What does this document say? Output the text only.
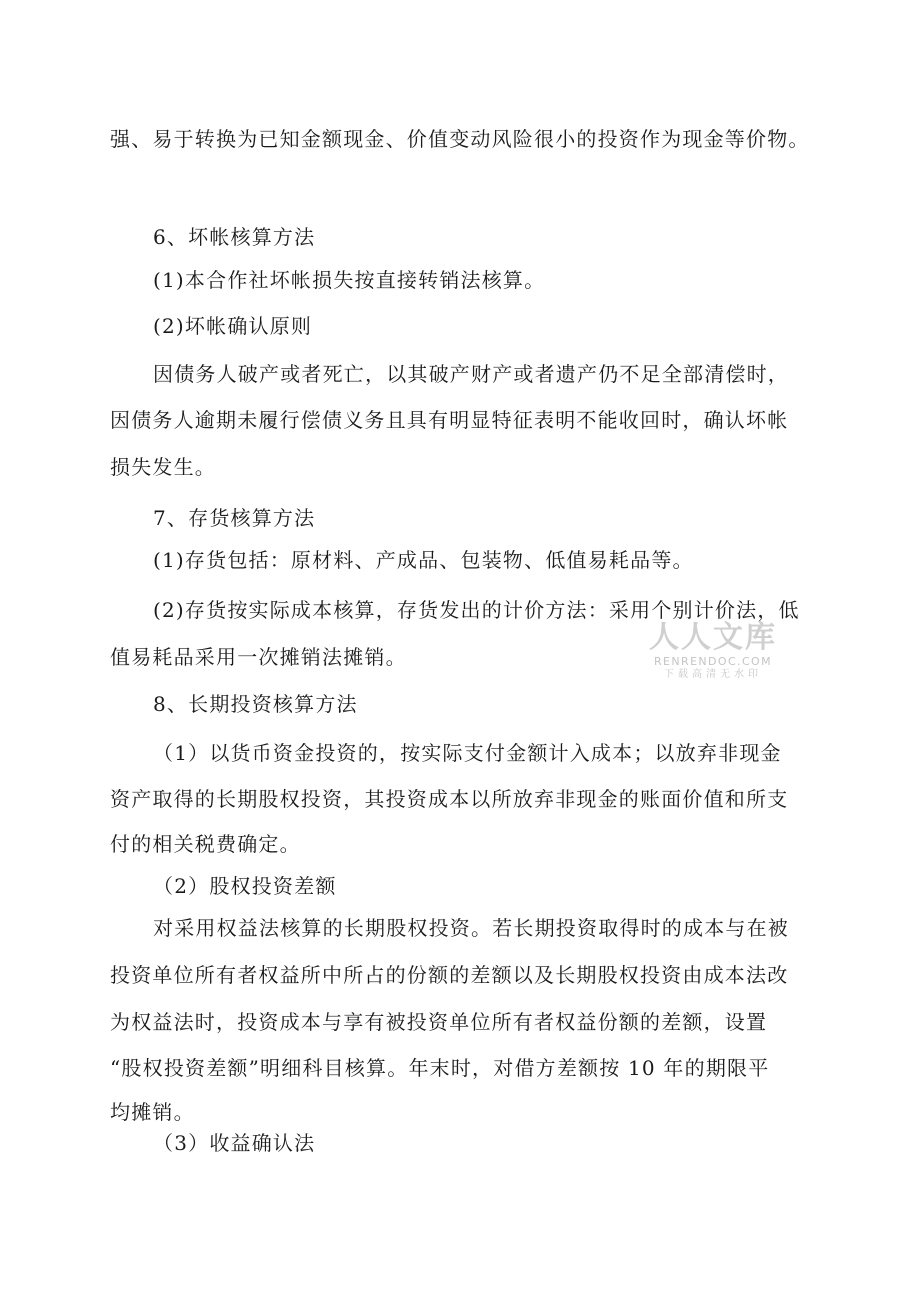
强、易于转换为已知金额现金、价值变动风险很小的投资作为现金等价物。
6、坏帐核算方法
(1)本合作社坏帐损失按直接转销法核算。
(2)坏帐确认原则
因债务人破产或者死亡，以其破产财产或者遗产仍不足全部清偿时，
因债务人逾期未履行偿债义务且具有明显特征表明不能收回时，确认坏帐
损失发生。
7、存货核算方法
(1)存货包括：原材料、产成品、包装物、低值易耗品等。
(2)存货按实际成本核算，存货发出的计价方法：采用个别计价法，低
值易耗品采用一次摊销法摊销。
8、长期投资核算方法
（1）以货币资金投资的，按实际支付金额计入成本；以放弃非现金
资产取得的长期股权投资，其投资成本以所放弃非现金的账面价值和所支
付的相关税费确定。
（2）股权投资差额
对采用权益法核算的长期股权投资。若长期投资取得时的成本与在被
投资单位所有者权益所中所占的份额的差额以及长期股权投资由成本法改
为权益法时，投资成本与享有被投资单位所有者权益份额的差额，设置
“股权投资差额”明细科目核算。年末时，对借方差额按 10 年的期限平
均摊销。
（3）收益确认法
人人文库
RENRENDOC.COM
下载高清无水印
